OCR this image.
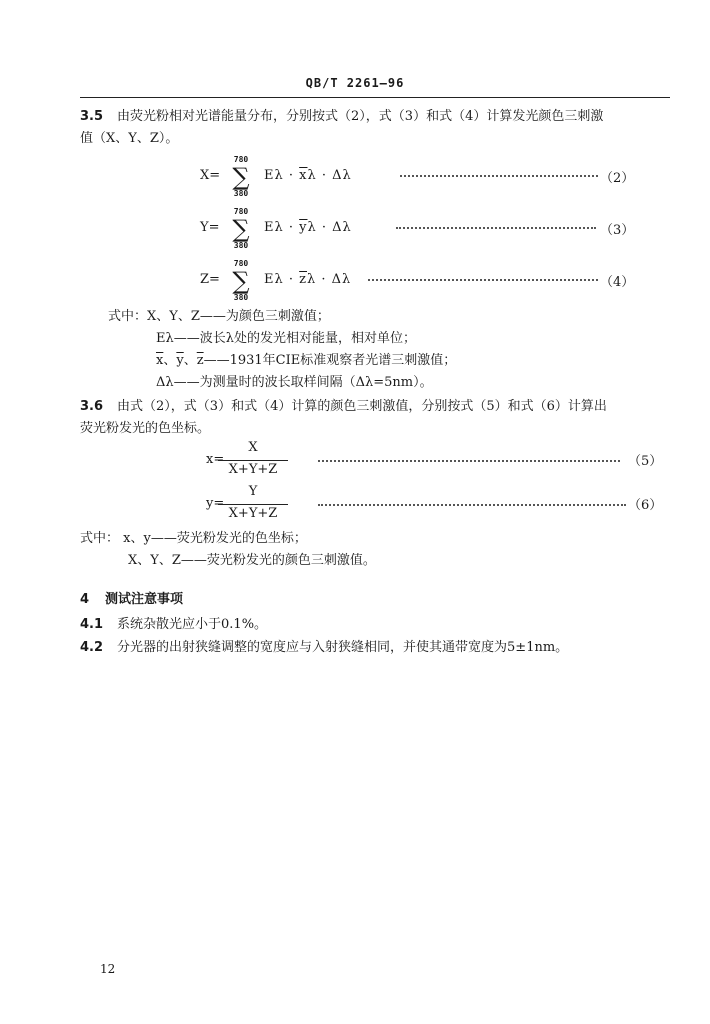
QB/T 2261—96
3.5 由荧光粉相对光谱能量分布，分别按式（2），式（3）和式（4）计算发光颜色三刺激
值（X、Y、Z）。
X=
780
∑
380
$E\lambda \cdot \overline{x}\lambda \cdot \Delta\lambda$	（2）
Y=
780
∑
380
$E\lambda \cdot \overline{y}\lambda \cdot \Delta\lambda$	（3）
Z=
780
∑
380
$E\lambda \cdot \overline{z}\lambda \cdot \Delta\lambda$	（4）
式中：X、Y、Z——为颜色三刺激值；
Eλ——波长λ处的发光相对能量，相对单位；
$\overline{x}$、$\overline{y}$、$\overline{z}——1931$年CIE标准观察者光谱三刺激值；
Δλ——为测量时的波长取样间隔（Δλ=5nm）。
3.6 由式（2），式（3）和式（4）计算的颜色三刺激值，分别按式（5）和式（6）计算出
荧光粉发光的色坐标。
x=
X
X+Y+Z
（5）
y=
Y
X+Y+Z
（6）
式中： x、y——荧光粉发光的色坐标；
X、Y、Z——荧光粉发光的颜色三刺激值。
4 测试注意事项
4.1 系统杂散光应小于0.1%。
4.2 分光器的出射狭缝调整的宽度应与入射狭缝相同，并使其通带宽度为5±1nm。
12
